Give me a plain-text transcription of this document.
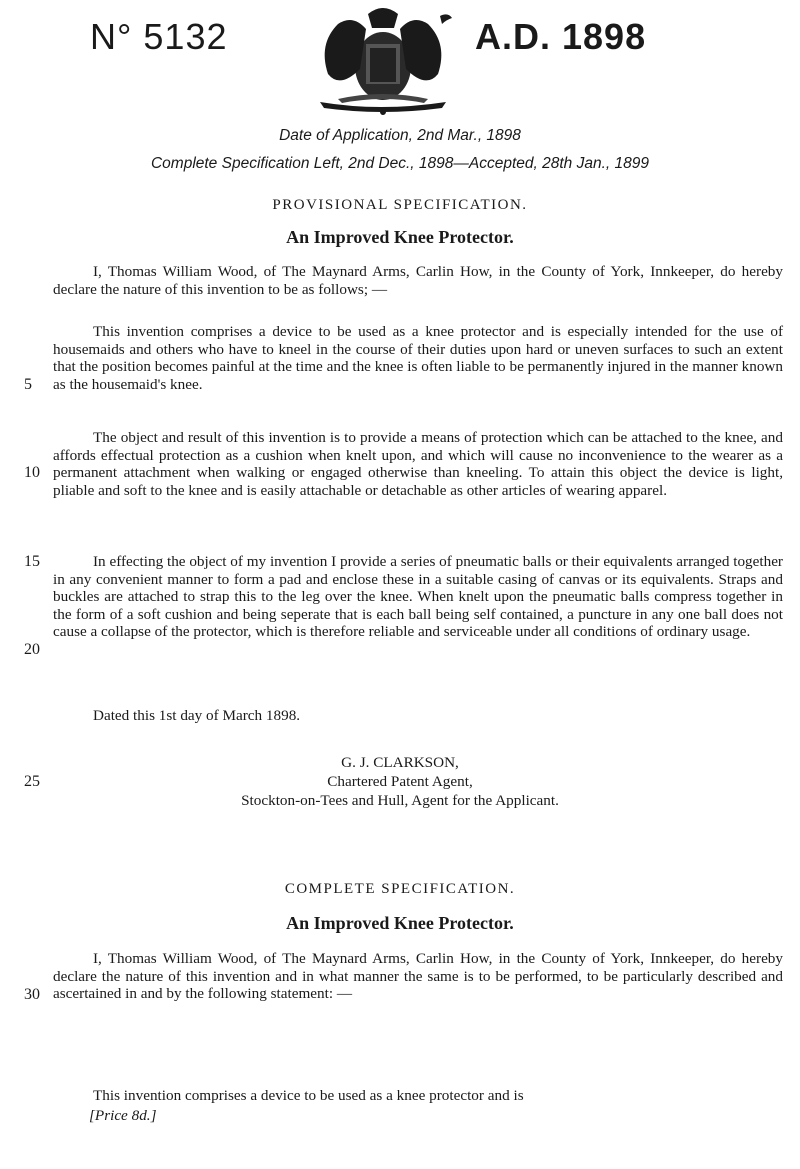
N° 5132	A.D. 1898
Date of Application, 2nd Mar., 1898
Complete Specification Left, 2nd Dec., 1898—Accepted, 28th Jan., 1899
PROVISIONAL SPECIFICATION.
An Improved Knee Protector.

I, Thomas William Wood, of The Maynard Arms, Carlin How, in the County of York, Innkeeper, do hereby declare the nature of this invention to be as follows; —

This invention comprises a device to be used as a knee protector and is especially intended for the use of housemaids and others who have to kneel in the course of their duties upon hard or uneven surfaces to such an extent that the position becomes painful at the time and the knee is often liable to be permanently injured in the manner known as the housemaid's knee.

The object and result of this invention is to provide a means of protection which can be attached to the knee, and affords effectual protection as a cushion when knelt upon, and which will cause no inconvenience to the wearer as a permanent attachment when walking or engaged otherwise than kneeling. To attain this object the device is light, pliable and soft to the knee and is easily attachable or detachable as other articles of wearing apparel.

In effecting the object of my invention I provide a series of pneumatic balls or their equivalents arranged together in any convenient manner to form a pad and enclose these in a suitable casing of canvas or its equivalents. Straps and buckles are attached to strap this to the leg over the knee. When knelt upon the pneumatic balls compress together in the form of a soft cushion and being seperate that is each ball being self contained, a puncture in any one ball does not cause a collapse of the protector, which is therefore reliable and serviceable under all conditions of ordinary usage.

Dated this 1st day of March 1898.
G. J. CLARKSON,
Chartered Patent Agent,
Stockton-on-Tees and Hull, Agent for the Applicant.
COMPLETE SPECIFICATION.
An Improved Knee Protector.

I, Thomas William Wood, of The Maynard Arms, Carlin How, in the County of York, Innkeeper, do hereby declare the nature of this invention and in what manner the same is to be performed, to be particularly described and ascertained in and by the following statement: —

This invention comprises a device to be used as a knee protector and is

[Price 8d.]
5
10
15
20
25
30
